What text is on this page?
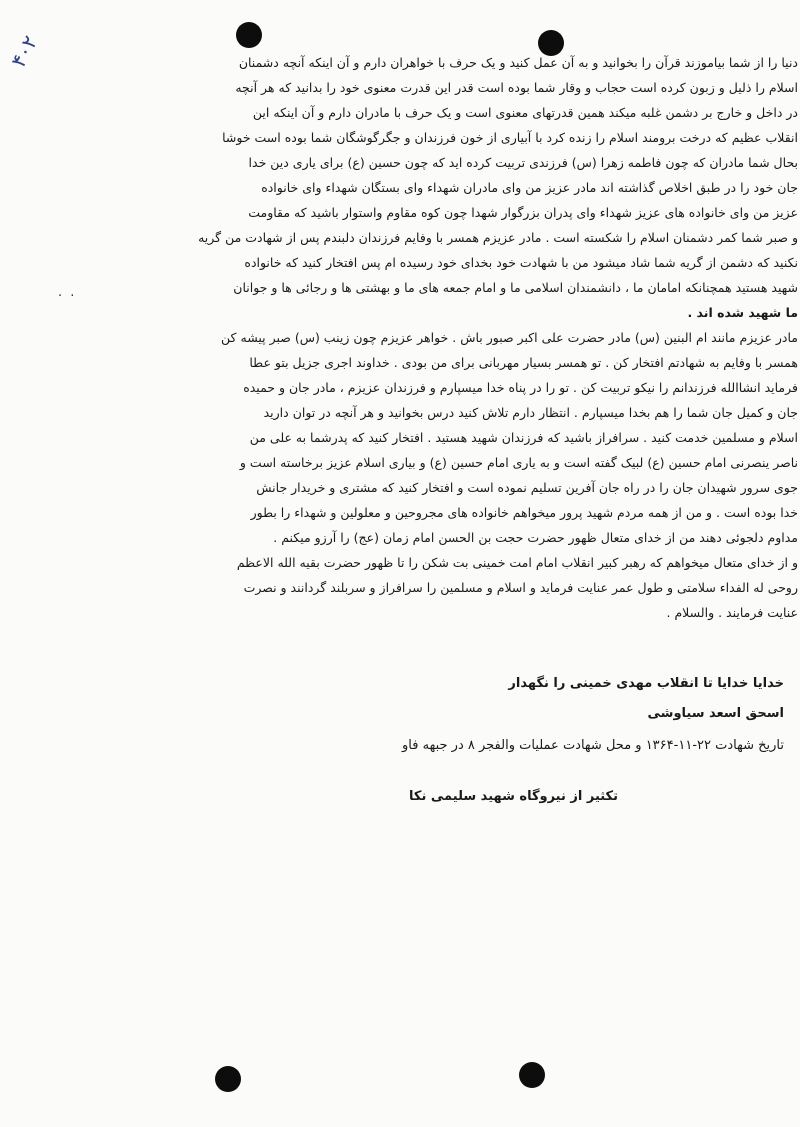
۴۰۲
. .
دنیا را از شما بیاموزند قرآن را بخوانید و به آن عمل کنید و یک حرف با خواهران دارم و آن اینکه آنچه دشمنان
اسلام را ذلیل و زبون کرده است حجاب و وقار شما بوده است قدر این قدرت معنوی خود را بدانید که هر آنچه
در داخل و خارج بر دشمن غلبه میکند همین قدرتهای معنوی است و یک حرف با مادران دارم و آن اینکه این
انقلاب عظیم که درخت برومند اسلام را زنده کرد با آبیاری از خون فرزندان و جگرگوشگان شما بوده است خوشا
بحال شما مادران که چون فاطمه زهرا (س) فرزندی تربیت کرده اید که چون حسین (ع) برای یاری دین خدا
جان خود را در طبق اخلاص گذاشته اند مادر عزیز من وای مادران شهداء وای بستگان شهداء وای خانواده
عزیز من وای خانواده های عزیز شهداء وای پدران بزرگوار شهدا چون کوه مقاوم واستوار باشید که مقاومت
و صبر شما کمر دشمنان اسلام را شکسته است . مادر عزیزم همسر با وفایم فرزندان دلبندم پس از شهادت من گریه
نکنید که دشمن از گریه شما شاد میشود من با شهادت خود بخدای خود رسیده ام پس افتخار کنید که خانواده
شهید هستید همچنانکه امامان ما ، دانشمندان اسلامی ما و امام جمعه های ما و بهشتی ها و رجائی ها و جوانان
ما شهید شده اند .
مادر عزیزم مانند ام البنین (س) مادر حضرت علی اکبر صبور باش . خواهر عزیزم چون زینب (س) صبر پیشه کن
همسر با وفایم به شهادتم افتخار کن . تو همسر بسیار مهربانی برای من بودی . خداوند اجری جزیل بتو عطا
فرماید انشاالله فرزندانم را نیکو تربیت کن . تو را در پناه خدا میسپارم و فرزندان عزیزم ، مادر جان و حمیده
جان و کمیل جان شما را هم بخدا میسپارم . انتظار دارم تلاش کنید درس بخوانید و هر آنچه در توان دارید
اسلام و مسلمین خدمت کنید . سرافراز باشید که فرزندان شهید هستید . افتخار کنید که پدرشما به علی من
ناصر ینصرنی امام حسین (ع) لبیک گفته است و به یاری امام حسین (ع) و بیاری اسلام عزیز برخاسته است و
جوی سرور شهیدان جان را در راه جان آفرین تسلیم نموده است و افتخار کنید که مشتری و خریدار جانش
خدا بوده است . و من از همه مردم شهید پرور میخواهم خانواده های مجروحین و معلولین و شهداء را بطور
مداوم دلجوئی دهند من از خدای متعال ظهور حضرت حجت بن الحسن امام زمان (عج) را آرزو میکنم .
و از خدای متعال میخواهم که رهبر کبیر انقلاب امام امت خمینی بت شکن را تا ظهور حضرت بقیه الله الاعظم
روحی له الفداء سلامتی و طول عمر عنایت فرماید و اسلام و مسلمین را سرافراز و سربلند گردانند و نصرت
عنایت فرمایند . والسلام .
خدایا خدایا تا انقلاب مهدی خمینی را نگهدار
اسحق اسعد سیاوشی
تاریخ شهادت ۲۲-۱۱-۱۳۶۴ و محل شهادت عملیات والفجر ۸ در جبهه فاو
تکثیر از نیروگاه شهید سلیمی نکا
